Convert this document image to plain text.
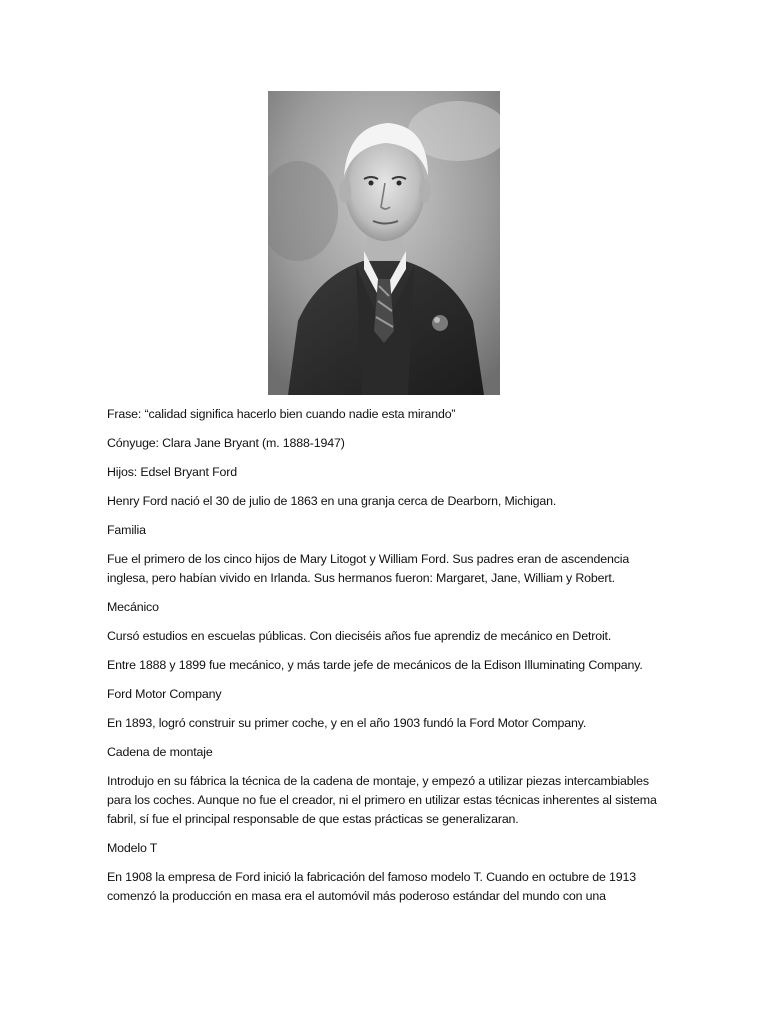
Frase: “calidad significa hacerlo bien cuando nadie esta mirando”

Cónyuge: Clara Jane Bryant (m. 1888-1947)

Hijos: Edsel Bryant Ford

Henry Ford nació el 30 de julio de 1863 en una granja cerca de Dearborn, Michigan.

Familia

Fue el primero de los cinco hijos de Mary Litogot y William Ford. Sus padres eran de ascendencia inglesa, pero habían vivido en Irlanda. Sus hermanos fueron: Margaret, Jane, William y Robert.

Mecánico

Cursó estudios en escuelas públicas. Con dieciséis años fue aprendiz de mecánico en Detroit.

Entre 1888 y 1899 fue mecánico, y más tarde jefe de mecánicos de la Edison Illuminating Company.

Ford Motor Company

En 1893, logró construir su primer coche, y en el año 1903 fundó la Ford Motor Company.

Cadena de montaje

Introdujo en su fábrica la técnica de la cadena de montaje, y empezó a utilizar piezas intercambiables para los coches. Aunque no fue el creador, ni el primero en utilizar estas técnicas inherentes al sistema fabril, sí fue el principal responsable de que estas prácticas se generalizaran.

Modelo T

En 1908 la empresa de Ford inició la fabricación del famoso modelo T. Cuando en octubre de 1913 comenzó la producción en masa era el automóvil más poderoso estándar del mundo con una
